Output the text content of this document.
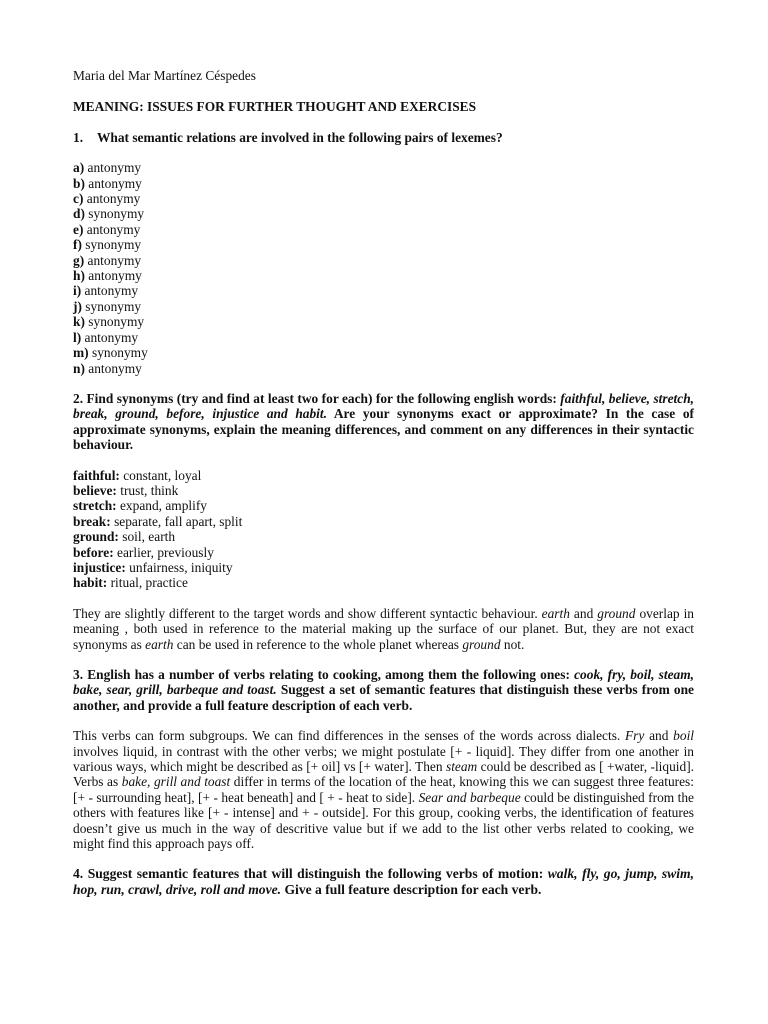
Maria del Mar Martínez Céspedes

MEANING: ISSUES FOR FURTHER THOUGHT AND EXERCISES

1.	What semantic relations are involved in the following pairs of lexemes?
a) antonymy
b) antonymy
c) antonymy
d) synonymy
e) antonymy
f) synonymy
g) antonymy
h) antonymy
i) antonymy
j) synonymy
k) synonymy
l) antonymy
m) synonymy
n) antonymy

2. Find synonyms (try and find at least two for each) for the following english words: faithful, believe, stretch, break, ground, before, injustice and habit. Are your synonyms exact or approximate? In the case of approximate synonyms, explain the meaning differences, and comment on any differences in their syntactic behaviour.

faithful: constant, loyal
believe: trust, think
stretch: expand, amplify
break: separate, fall apart, split
ground: soil, earth
before: earlier, previously
injustice: unfairness, iniquity
habit: ritual, practice

They are slightly different to the target words and show different syntactic behaviour. earth and ground overlap in meaning , both used in reference to the material making up the surface of our planet. But, they are not exact synonyms as earth can be used in reference to the whole planet whereas ground not.

3. English has a number of verbs relating to cooking, among them the following ones: cook, fry, boil, steam, bake, sear, grill, barbeque and toast. Suggest a set of semantic features that distinguish these verbs from one another, and provide a full feature description of each verb.

This verbs can form subgroups. We can find differences in the senses of the words across dialects. Fry and boil involves liquid, in contrast with the other verbs; we might postulate [+ - liquid]. They differ from one another in various ways, which might be described as [+ oil] vs [+ water]. Then steam could be described as [ +water, -liquid]. Verbs as bake, grill and toast differ in terms of the location of the heat, knowing this we can suggest three features: [+ - surrounding heat], [+ - heat beneath] and [ + - heat to side]. Sear and barbeque could be distinguished from the others with features like [+ - intense] and + - outside]. For this group, cooking verbs, the identification of features doesn’t give us much in the way of descritive value but if we add to the list other verbs related to cooking, we might find this approach pays off.

4. Suggest semantic features that will distinguish the following verbs of motion: walk, fly, go, jump, swim, hop, run, crawl, drive, roll and move. Give a full feature description for each verb.
